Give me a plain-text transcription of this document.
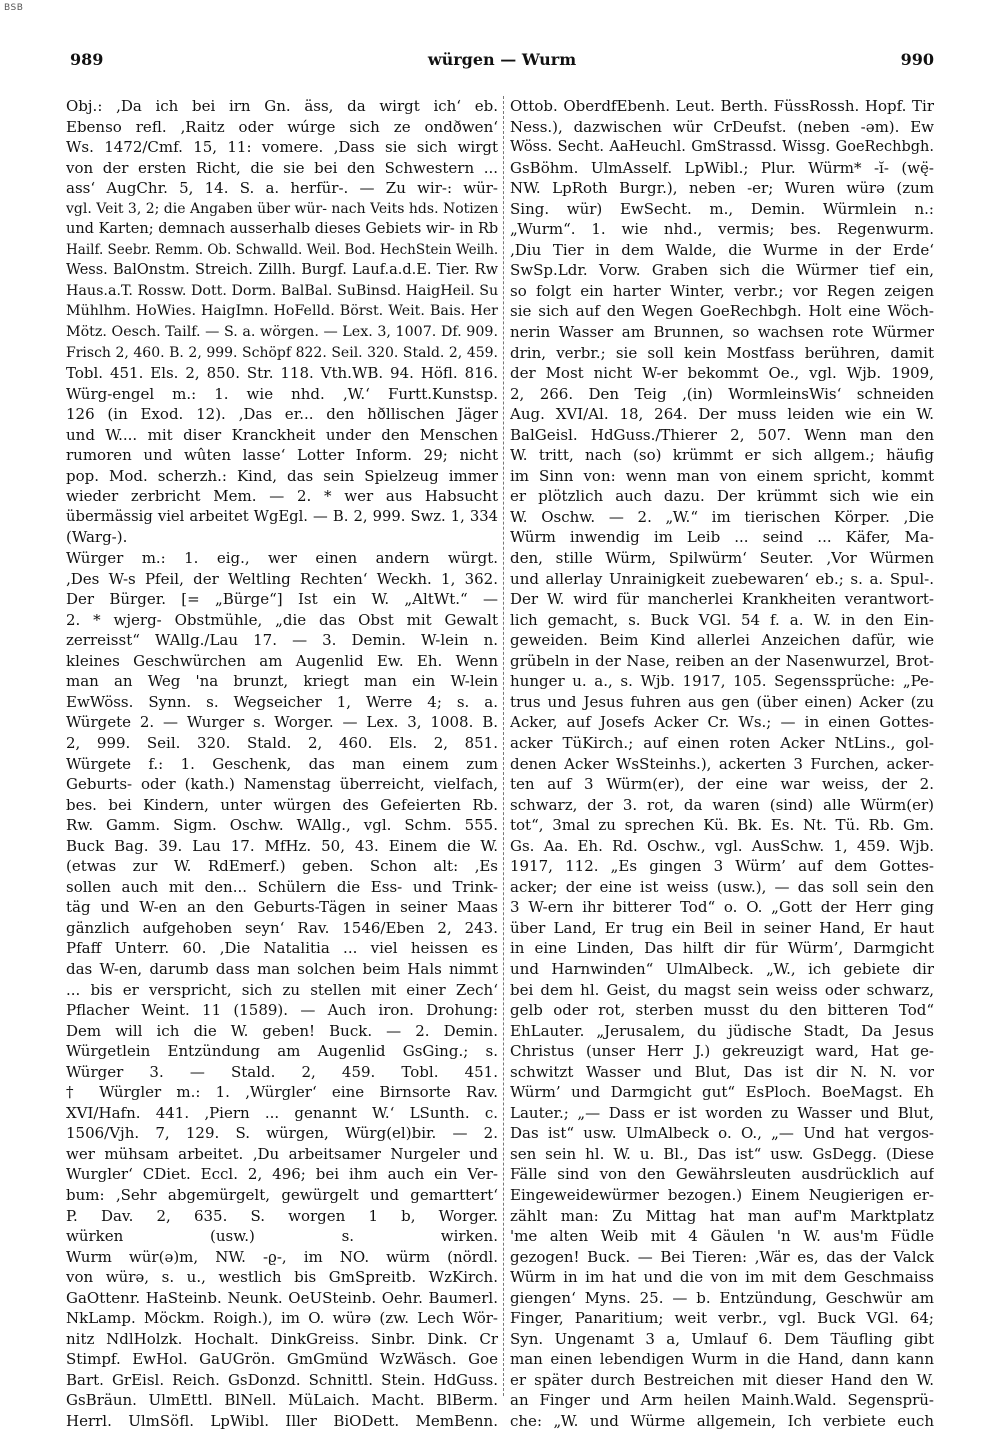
BSB
989	würgen — Wurm	990
Obj.: ‚Da ich bei irn Gn. äss, da wirgt ich‘ eb.
Ebenso refl. ‚Raitz oder wúrge sich ze ondðwen‘
Ws. 1472/Cmf. 15, 11: vomere. ‚Dass sie sich wirgt
von der ersten Richt, die sie bei den Schwestern ...
ass‘ AugChr. 5, 14. S. a. herfür-. — Zu wir-: wür-
vgl. Veit 3, 2; die Angaben über wür- nach Veits hds. Notizen
und Karten; demnach ausserhalb dieses Gebiets wir- in Rb
Hailf. Seebr. Remm. Ob. Schwalld. Weil. Bod. HechStein Weilh.
Wess. BalOnstm. Streich. Zillh. Burgf. Lauf.a.d.E. Tier. Rw
Haus.a.T. Rossw. Dott. Dorm. BalBal. SuBinsd. HaigHeil. Su
Mühlhm. HoWies. HaigImn. HoFelld. Börst. Weit. Bais. Her
Mötz. Oesch. Tailf. — S. a. wörgen. — Lex. 3, 1007. Df. 909.
Frisch 2, 460. B. 2, 999. Schöpf 822. Seil. 320. Stald. 2, 459.
Tobl. 451. Els. 2, 850. Str. 118. Vth.WB. 94. Höfl. 816.
Würg-engel m.: 1. wie nhd. ‚W.‘ Furtt.Kunstsp.
126 (in Exod. 12). ‚Das er... den hðllischen Jäger
und W.... mit diser Kranckheit under den Menschen
rumoren und wûten lasse‘ Lotter Inform. 29; nicht
pop. Mod. scherzh.: Kind, das sein Spielzeug immer
wieder zerbricht Mem. — 2. * wer aus Habsucht
übermässig viel arbeitet WgEgl. — B. 2, 999. Swz. 1, 334
(Warg-).
Würger m.: 1. eig., wer einen andern würgt.
‚Des W-s Pfeil, der Weltling Rechten‘ Weckh. 1, 362.
Der Bürger. [= „Bürge“] Ist ein W. „AltWt.“ —
2. * wjerg- Obstmühle, „die das Obst mit Gewalt
zerreisst“ WAllg./Lau 17. — 3. Demin. W-lein n.
kleines Geschwürchen am Augenlid Ew. Eh. Wenn
man an Weg 'na brunzt, kriegt man ein W-lein
EwWöss. Synn. s. Wegseicher 1, Werre 4; s. a.
Würgete 2. — Wurger s. Worger. — Lex. 3, 1008. B.
2, 999. Seil. 320. Stald. 2, 460. Els. 2, 851.
Würgete f.: 1. Geschenk, das man einem zum
Geburts- oder (kath.) Namenstag überreicht, vielfach,
bes. bei Kindern, unter würgen des Gefeierten Rb.
Rw. Gamm. Sigm. Oschw. WAllg., vgl. Schm. 555.
Buck Bag. 39. Lau 17. MfHz. 50, 43. Einem die W.
(etwas zur W. RdEmerf.) geben. Schon alt: ‚Es
sollen auch mit den... Schülern die Ess- und Trink-
täg und W-en an den Geburts-Tägen in seiner Maas
gänzlich aufgehoben seyn‘ Rav. 1546/Eben 2, 243.
Pfaff Unterr. 60. ‚Die Natalitia ... viel heissen es
das W-en, darumb dass man solchen beim Hals nimmt
... bis er verspricht, sich zu stellen mit einer Zech‘
Pflacher Weint. 11 (1589). — Auch iron. Drohung:
Dem will ich die W. geben! Buck. — 2. Demin.
Würgetlein Entzündung am Augenlid GsGing.; s.
Würger 3. — Stald. 2, 459. Tobl. 451.
† Würgler m.: 1. ‚Würgler‘ eine Birnsorte Rav.
XVI/Hafn. 441. ‚Piern ... genannt W.‘ LSunth. c.
1506/Vjh. 7, 129. S. würgen, Würg(el)bir. — 2.
wer mühsam arbeitet. ‚Du arbeitsamer Nurgeler und
Wurgler‘ CDiet. Eccl. 2, 496; bei ihm auch ein Ver-
bum: ‚Sehr abgemürgelt, gewürgelt und gemarttert‘
P. Dav. 2, 635. S. worgen 1 b, Worger.
würken (usw.) s. wirken.
Wurm wür(ə)m, NW. -ϱ-, im NO. würm (nördl.
von würə, s. u., westlich bis GmSpreitb. WzKirch.
GaOttenr. HaSteinb. Neunk. OeUSteinb. Oehr. Baumerl.
NkLamp. Möckm. Roigh.), im O. würə (zw. Lech Wör-
nitz NdlHolzk. Hochalt. DinkGreiss. Sinbr. Dink. Cr
Stimpf. EwHol. GaUGrön. GmGmünd WzWäsch. Goe
Bart. GrEisl. Reich. GsDonzd. Schnittl. Stein. HdGuss.
GsBräun. UlmEttl. BlNell. MüLaich. Macht. BlBerm.
Herrl. UlmSöfl. LpWibl. Iller BiODett. MemBenn.
Ottob. OberdfEbenh. Leut. Berth. FüssRossh. Hopf. Tir
Ness.), dazwischen wür CrDeufst. (neben -əm). Ew
Wöss. Secht. AaHeuchl. GmStrassd. Wissg. GoeRechbgh.
GsBöhm. UlmAsself. LpWibl.; Plur. Würm* -ĭ- (wę̈-
NW. LpRoth Burgr.), neben -er; Wuren würə (zum
Sing. wür) EwSecht. m., Demin. Würmlein n.:
„Wurm“. 1. wie nhd., vermis; bes. Regenwurm.
‚Diu Tier in dem Walde, die Wurme in der Erde‘
SwSp.Ldr. Vorw. Graben sich die Würmer tief ein,
so folgt ein harter Winter, verbr.; vor Regen zeigen
sie sich auf den Wegen GoeRechbgh. Holt eine Wöch-
nerin Wasser am Brunnen, so wachsen rote Würmer
drin, verbr.; sie soll kein Mostfass berühren, damit
der Most nicht W-er bekommt Oe., vgl. Wjb. 1909,
2, 266. Den Teig ‚(in) WormleinsWis‘ schneiden
Aug. XVI/Al. 18, 264. Der muss leiden wie ein W.
BalGeisl. HdGuss./Thierer 2, 507. Wenn man den
W. tritt, nach (so) krümmt er sich allgem.; häufig
im Sinn von: wenn man von einem spricht, kommt
er plötzlich auch dazu. Der krümmt sich wie ein
W. Oschw. — 2. „W.“ im tierischen Körper. ‚Die
Würm inwendig im Leib ... seind ... Käfer, Ma-
den, stille Würm, Spilwürm‘ Seuter. ‚Vor Würmen
und allerlay Unrainigkeit zuebewaren‘ eb.; s. a. Spul-.
Der W. wird für mancherlei Krankheiten verantwort-
lich gemacht, s. Buck VGl. 54 f. a. W. in den Ein-
geweiden. Beim Kind allerlei Anzeichen dafür, wie
grübeln in der Nase, reiben an der Nasenwurzel, Brot-
hunger u. a., s. Wjb. 1917, 105. Segenssprüche: „Pe-
trus und Jesus fuhren aus gen (über einen) Acker (zu
Acker, auf Josefs Acker Cr. Ws.; — in einen Gottes-
acker TüKirch.; auf einen roten Acker NtLins., gol-
denen Acker WsSteinhs.), ackerten 3 Furchen, acker-
ten auf 3 Würm(er), der eine war weiss, der 2.
schwarz, der 3. rot, da waren (sind) alle Würm(er)
tot“, 3mal zu sprechen Kü. Bk. Es. Nt. Tü. Rb. Gm.
Gs. Aa. Eh. Rd. Oschw., vgl. AusSchw. 1, 459. Wjb.
1917, 112. „Es gingen 3 Würm’ auf dem Gottes-
acker; der eine ist weiss (usw.), — das soll sein den
3 W-ern ihr bitterer Tod“ o. O. „Gott der Herr ging
über Land, Er trug ein Beil in seiner Hand, Er haut
in eine Linden, Das hilft dir für Würm’, Darmgicht
und Harnwinden“ UlmAlbeck. „W., ich gebiete dir
bei dem hl. Geist, du magst sein weiss oder schwarz,
gelb oder rot, sterben musst du den bitteren Tod“
EhLauter. „Jerusalem, du jüdische Stadt, Da Jesus
Christus (unser Herr J.) gekreuzigt ward, Hat ge-
schwitzt Wasser und Blut, Das ist dir N. N. vor
Würm’ und Darmgicht gut“ EsPloch. BoeMagst. Eh
Lauter.; „— Dass er ist worden zu Wasser und Blut,
Das ist“ usw. UlmAlbeck o. O., „— Und hat vergos-
sen sein hl. W. u. Bl., Das ist“ usw. GsDegg. (Diese
Fälle sind von den Gewährsleuten ausdrücklich auf
Eingeweidewürmer bezogen.) Einem Neugierigen er-
zählt man: Zu Mittag hat man auf'm Marktplatz
'me alten Weib mit 4 Gäulen 'n W. aus'm Füdle
gezogen! Buck. — Bei Tieren: ‚Wär es, das der Valck
Würm in im hat und die von im mit dem Geschmaiss
giengen‘ Myns. 25. — b. Entzündung, Geschwür am
Finger, Panaritium; weit verbr., vgl. Buck VGl. 64;
Syn. Ungenamt 3 a, Umlauf 6. Dem Täufling gibt
man einen lebendigen Wurm in die Hand, dann kann
er später durch Bestreichen mit dieser Hand den W.
an Finger und Arm heilen Mainh.Wald. Segensprü-
che: „W. und Würme allgemein, Ich verbiete euch
